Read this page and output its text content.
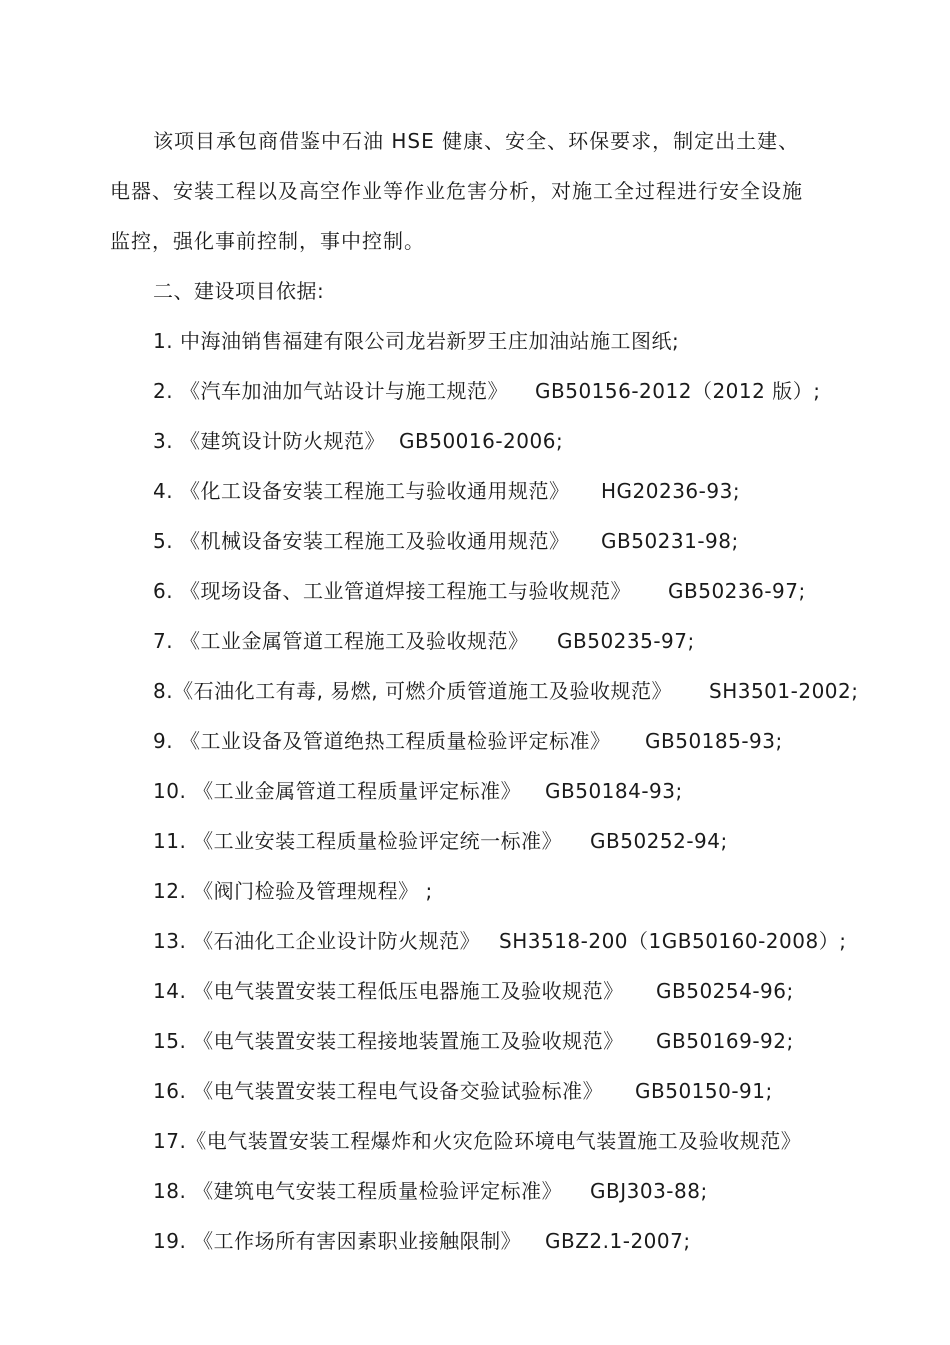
该项目承包商借鉴中石油 HSE 健康、安全、环保要求，制定出土建、
电器、安装工程以及高空作业等作业危害分析，对施工全过程进行安全设施
监控，强化事前控制，事中控制。
二、建设项目依据:
1. 中海油销售福建有限公司龙岩新罗王庄加油站施工图纸;
2. 《汽车加油加气站设计与施工规范》 GB50156-2012（2012 版）;
3. 《建筑设计防火规范》 GB50016-2006;
4. 《化工设备安装工程施工与验收通用规范》 HG20236-93;
5. 《机械设备安装工程施工及验收通用规范》 GB50231-98;
6. 《现场设备、工业管道焊接工程施工与验收规范》 GB50236-97;
7. 《工业金属管道工程施工及验收规范》 GB50235-97;
8.《石油化工有毒, 易燃, 可燃介质管道施工及验收规范》 SH3501-2002;
9. 《工业设备及管道绝热工程质量检验评定标准》 GB50185-93;
10. 《工业金属管道工程质量评定标准》 GB50184-93;
11. 《工业安装工程质量检验评定统一标准》 GB50252-94;
12. 《阀门检验及管理规程》 ;
13. 《石油化工企业设计防火规范》 SH3518-200（1GB50160-2008）;
14. 《电气装置安装工程低压电器施工及验收规范》 GB50254-96;
15. 《电气装置安装工程接地装置施工及验收规范》 GB50169-92;
16. 《电气装置安装工程电气设备交验试验标准》 GB50150-91;
17.《电气装置安装工程爆炸和火灾危险环境电气装置施工及验收规范》
18. 《建筑电气安装工程质量检验评定标准》 GBJ303-88;
19. 《工作场所有害因素职业接触限制》 GBZ2.1-2007;
